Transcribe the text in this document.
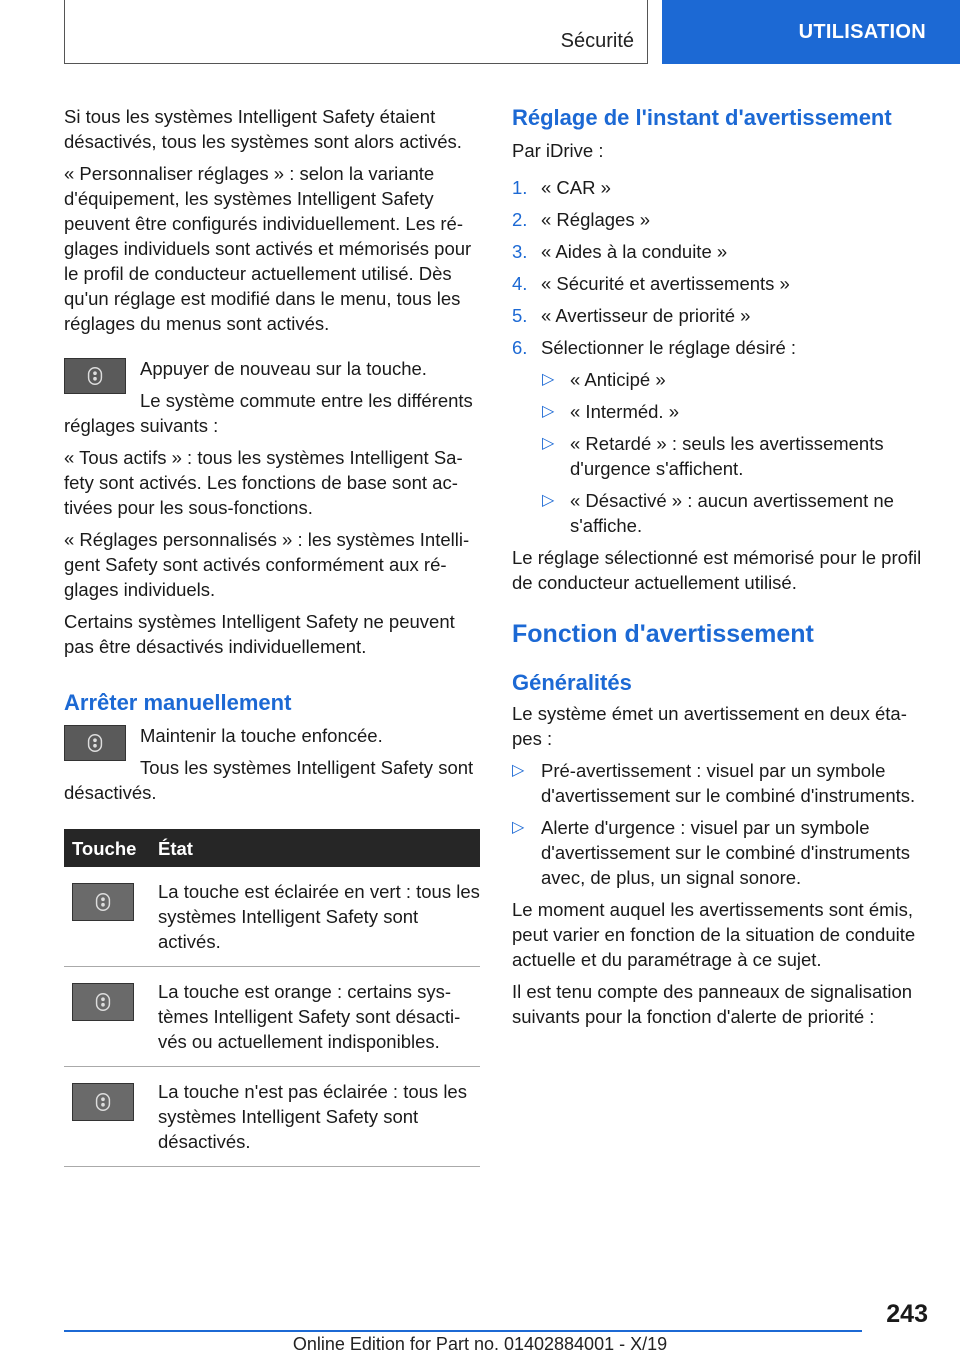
Sécurité	UTILISATION

Si tous les systèmes Intelligent Safety étaient désactivés, tous les systèmes sont alors activés.

« Personnaliser réglages » : selon la variante d'équipement, les systèmes Intelligent Safety peuvent être configurés individuellement. Les réglages individuels sont activés et mémorisés pour le profil de conducteur actuellement utilisé. Dès qu'un réglage est modifié dans le menu, tous les réglages du menus sont activés.

Appuyer de nouveau sur la touche.

Le système commute entre les différents réglages suivants :

« Tous actifs » : tous les systèmes Intelligent Safety sont activés. Les fonctions de base sont activées pour les sous-fonctions.

« Réglages personnalisés » : les systèmes Intelligent Safety sont activés conformément aux réglages individuels.

Certains systèmes Intelligent Safety ne peuvent pas être désactivés individuellement.

Arrêter manuellement

Maintenir la touche enfoncée.

Tous les systèmes Intelligent Safety sont désactivés.

Touche	État

	La touche est éclairée en vert : tous les systèmes Intelligent Safety sont activés.

	La touche est orange : certains systèmes Intelligent Safety sont désactivés ou actuellement indisponibles.

	La touche n'est pas éclairée : tous les systèmes Intelligent Safety sont désactivés.
Réglage de l'instant d'avertissement

Par iDrive :

1. « CAR »
2. « Réglages »
3. « Aides à la conduite »
4. « Sécurité et avertissements »
5. « Avertisseur de priorité »
6. Sélectionner le réglage désiré :
▷ « Anticipé »
▷ « Interméd. »
▷ « Retardé » : seuls les avertissements d'urgence s'affichent.
▷ « Désactivé » : aucun avertissement ne s'affiche.

Le réglage sélectionné est mémorisé pour le profil de conducteur actuellement utilisé.

Fonction d'avertissement
Généralités

Le système émet un avertissement en deux étapes :

▷ Pré-avertissement : visuel par un symbole d'avertissement sur le combiné d'instruments.
▷ Alerte d'urgence : visuel par un symbole d'avertissement sur le combiné d'instruments avec, de plus, un signal sonore.

Le moment auquel les avertissements sont émis, peut varier en fonction de la situation de conduite actuelle et du paramétrage à ce sujet.

Il est tenu compte des panneaux de signalisation suivants pour la fonction d'alerte de priorité :

243
Online Edition for Part no. 01402884001 - X/19
